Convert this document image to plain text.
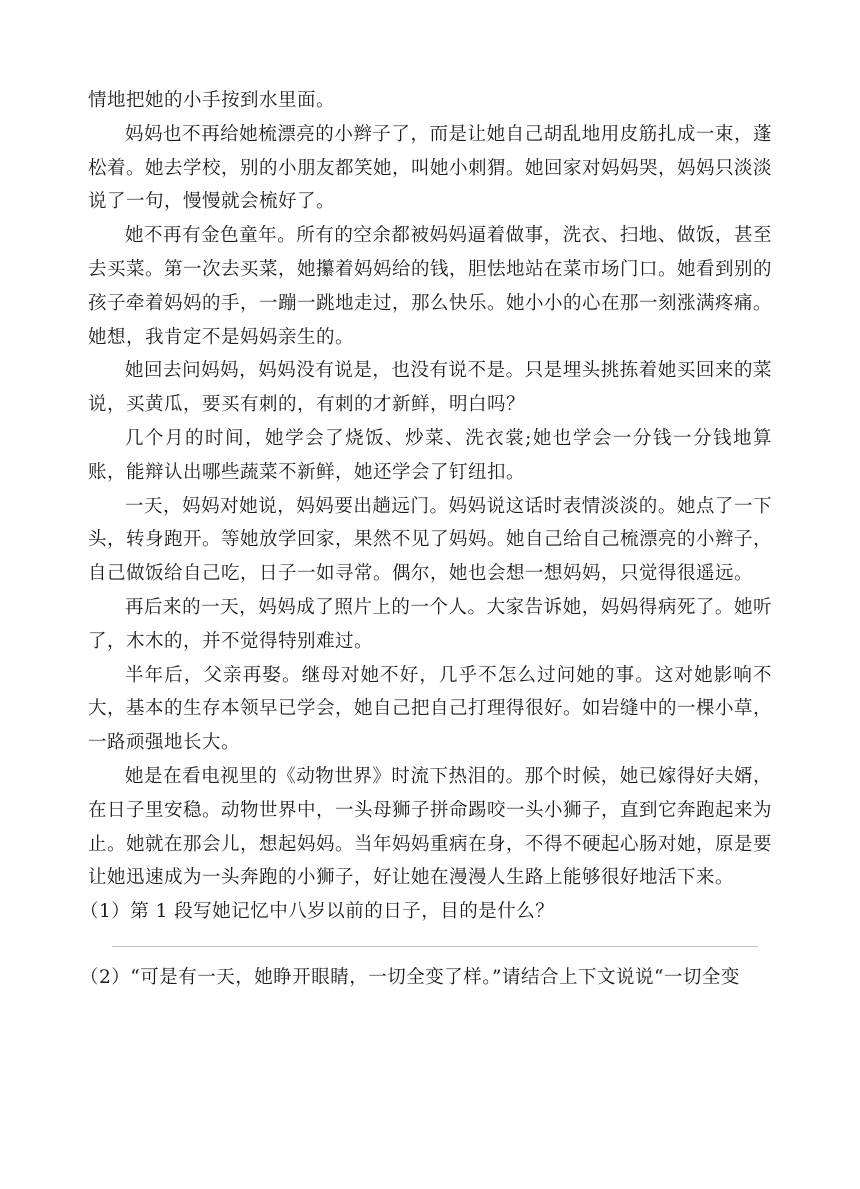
情地把她的小手按到水里面。

妈妈也不再给她梳漂亮的小辫子了，而是让她自己胡乱地用皮筋扎成一束，蓬松着。她去学校，别的小朋友都笑她，叫她小刺猬。她回家对妈妈哭，妈妈只淡淡说了一句，慢慢就会梳好了。

她不再有金色童年。所有的空余都被妈妈逼着做事，洗衣、扫地、做饭，甚至去买菜。第一次去买菜，她攥着妈妈给的钱，胆怯地站在菜市场门口。她看到别的孩子牵着妈妈的手，一蹦一跳地走过，那么快乐。她小小的心在那一刻涨满疼痛。她想，我肯定不是妈妈亲生的。

她回去问妈妈，妈妈没有说是，也没有说不是。只是埋头挑拣着她买回来的菜说，买黄瓜，要买有刺的，有刺的才新鲜，明白吗？

几个月的时间，她学会了烧饭、炒菜、洗衣裳;她也学会一分钱一分钱地算账，能辩认出哪些蔬菜不新鲜，她还学会了钉纽扣。

一天，妈妈对她说，妈妈要出趟远门。妈妈说这话时表情淡淡的。她点了一下头，转身跑开。等她放学回家，果然不见了妈妈。她自己给自己梳漂亮的小辫子，自己做饭给自己吃，日子一如寻常。偶尔，她也会想一想妈妈，只觉得很遥远。

再后来的一天，妈妈成了照片上的一个人。大家告诉她，妈妈得病死了。她听了，木木的，并不觉得特别难过。

半年后，父亲再娶。继母对她不好，几乎不怎么过问她的事。这对她影响不大，基本的生存本领早已学会，她自己把自己打理得很好。如岩缝中的一棵小草，一路顽强地长大。

她是在看电视里的《动物世界》时流下热泪的。那个时候，她已嫁得好夫婿，在日子里安稳。动物世界中，一头母狮子拼命踢咬一头小狮子，直到它奔跑起来为止。她就在那会儿，想起妈妈。当年妈妈重病在身，不得不硬起心肠对她，原是要让她迅速成为一头奔跑的小狮子，好让她在漫漫人生路上能够很好地活下来。

（1）第 1 段写她记忆中八岁以前的日子，目的是什么？

（2）“可是有一天，她睁开眼睛，一切全变了样。”请结合上下文说说“一切全变
